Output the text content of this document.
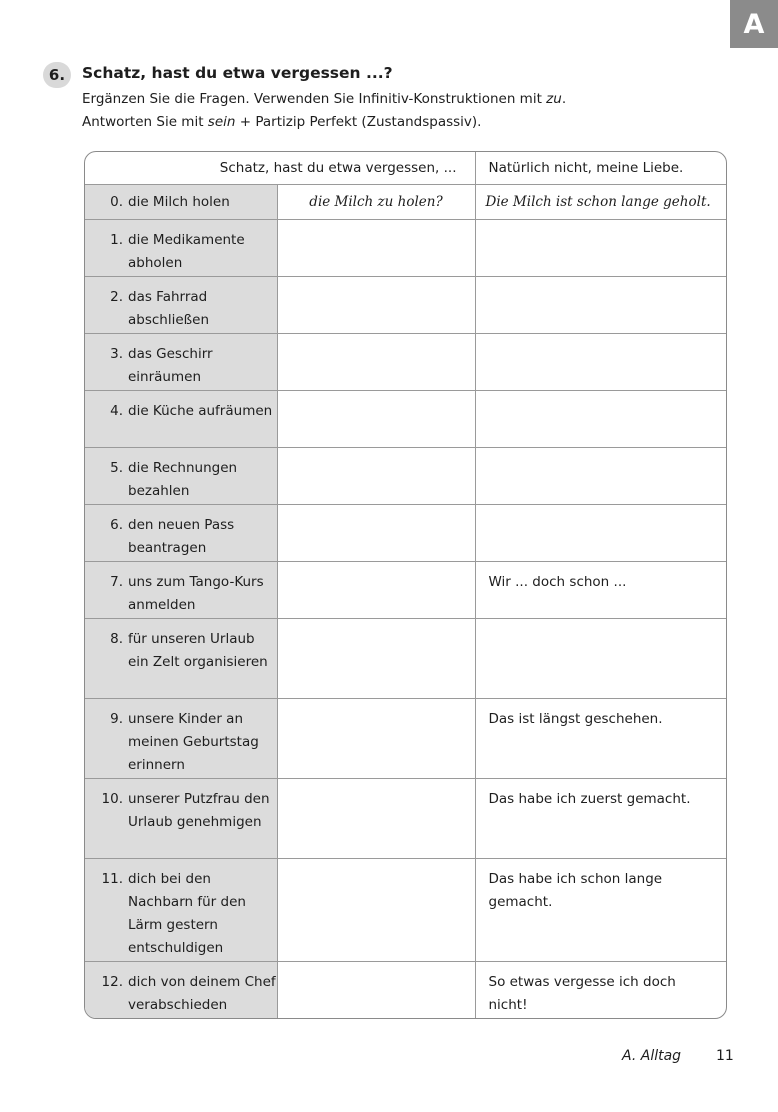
A
6.	Schatz, hast du etwa vergessen ...?
Ergänzen Sie die Fragen. Verwenden Sie Infinitiv-Konstruktionen mit zu.
Antworten Sie mit sein + Partizip Perfekt (Zustandspassiv).
Schatz, hast du etwa vergessen, ...		Natürlich nicht, meine Liebe.

0. die Milch holen	die Milch zu holen?	Die Milch ist schon lange geholt.

1. die Medikamente abholen		

2. das Fahrrad abschließen		

3. das Geschirr einräumen		

4. die Küche aufräumen		

5. die Rechnungen bezahlen		

6. den neuen Pass beantragen		

7. uns zum Tango-Kurs anmelden		Wir ... doch schon ...

8. für unseren Urlaub ein Zelt organisieren		

9. unsere Kinder an meinen Geburtstag erinnern		Das ist längst geschehen.

10. unserer Putzfrau den Urlaub genehmigen		Das habe ich zuerst gemacht.

11. dich bei den Nachbarn für den Lärm gestern entschuldigen		Das habe ich schon lange gemacht.

12. dich von deinem Chef verabschieden		So etwas vergesse ich doch nicht!
A. Alltag 11
